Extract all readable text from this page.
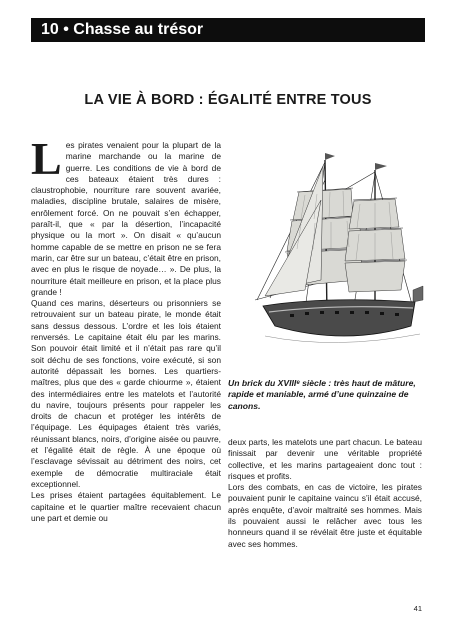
10 • Chasse au trésor
LA VIE À BORD : ÉGALITÉ ENTRE TOUS

Les pirates venaient pour la plupart de la marine marchande ou la marine de guerre. Les conditions de vie à bord de ces bateaux étaient très dures : claustrophobie, nourriture rare souvent avariée, maladies, discipline brutale, salaires de misère, enrôlement forcé. On ne pouvait s’en échapper, paraît-il, que « par la désertion, l’incapacité physique ou la mort ». On disait « qu’aucun homme capable de se mettre en prison ne se fera marin, car être sur un bateau, c’était être en prison, avec en plus le risque de noyade… ». De plus, la nourriture était meilleure en prison, et la place plus grande !

Quand ces marins, déserteurs ou prisonniers se retrouvaient sur un bateau pirate, le monde était sans dessus dessous. L’ordre et les lois étaient renversés. Le capitaine était élu par les marins. Son pouvoir était limité et il n’était pas rare qu’il soit déchu de ses fonctions, voire exécuté, si son autorité dépassait les bornes. Les quartiers-maîtres, plus que des « garde chiourme », étaient des intermédiaires entre les matelots et l’autorité du navire, toujours présents pour rappeler les droits de chacun et protéger les intérêts de l’équipage. Les équipages étaient très variés, réunissant blancs, noirs, d’origine aisée ou pauvre, et l’égalité était de règle. À une époque où l’esclavage sévissait au détriment des noirs, cet exemple de démocratie multiraciale était exceptionnel.

Les prises étaient partagées équitablement. Le capitaine et le quartier maître recevaient chacun une part et demie ou

Un brick du XVIIIᵉ siècle : très haut de mâture, rapide et maniable, armé d’une quinzaine de canons.

deux parts, les matelots une part chacun. Le bateau finissait par devenir une véritable propriété collective, et les marins partageaient donc tout : risques et profits.

Lors des combats, en cas de victoire, les pirates pouvaient punir le capitaine vaincu s’il était accusé, après enquête, d’avoir maltraité ses hommes. Mais ils pouvaient aussi le relâcher avec tous les honneurs quand il se révélait être juste et équitable avec ses hommes.

41
